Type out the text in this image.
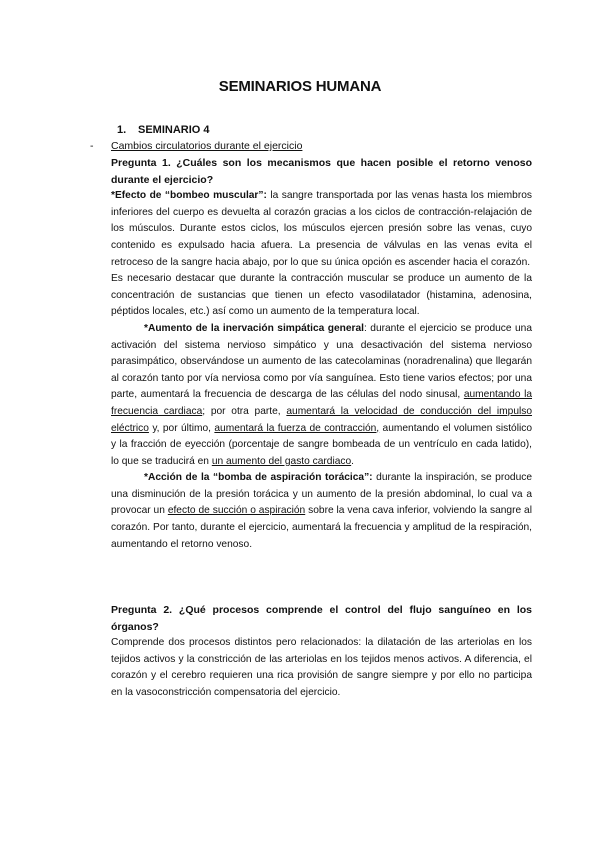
SEMINARIOS HUMANA
1. SEMINARIO 4
- Cambios circulatorios durante el ejercicio

Pregunta 1. ¿Cuáles son los mecanismos que hacen posible el retorno venoso durante el ejercicio?

*Efecto de “bombeo muscular”: la sangre transportada por las venas hasta los miembros inferiores del cuerpo es devuelta al corazón gracias a los ciclos de contracción-relajación de los músculos. Durante estos ciclos, los músculos ejercen presión sobre las venas, cuyo contenido es expulsado hacia afuera. La presencia de válvulas en las venas evita el retroceso de la sangre hacia abajo, por lo que su única opción es ascender hacia el corazón.

Es necesario destacar que durante la contracción muscular se produce un aumento de la concentración de sustancias que tienen un efecto vasodilatador (histamina, adenosina, péptidos locales, etc.) así como un aumento de la temperatura local.

*Aumento de la inervación simpática general: durante el ejercicio se produce una activación del sistema nervioso simpático y una desactivación del sistema nervioso parasimpático, observándose un aumento de las catecolaminas (noradrenalina) que llegarán al corazón tanto por vía nerviosa como por vía sanguínea. Esto tiene varios efectos; por una parte, aumentará la frecuencia de descarga de las células del nodo sinusal, aumentando la frecuencia cardiaca; por otra parte, aumentará la velocidad de conducción del impulso eléctrico y, por último, aumentará la fuerza de contracción, aumentando el volumen sistólico y la fracción de eyección (porcentaje de sangre bombeada de un ventrículo en cada latido), lo que se traducirá en un aumento del gasto cardiaco.

*Acción de la “bomba de aspiración torácica”: durante la inspiración, se produce una disminución de la presión torácica y un aumento de la presión abdominal, lo cual va a provocar un efecto de succión o aspiración sobre la vena cava inferior, volviendo la sangre al corazón. Por tanto, durante el ejercicio, aumentará la frecuencia y amplitud de la respiración, aumentando el retorno venoso.

Pregunta 2. ¿Qué procesos comprende el control del flujo sanguíneo en los órganos?

Comprende dos procesos distintos pero relacionados: la dilatación de las arteriolas en los tejidos activos y la constricción de las arteriolas en los tejidos menos activos. A diferencia, el corazón y el cerebro requieren una rica provisión de sangre siempre y por ello no participa en la vasoconstricción compensatoria del ejercicio.
